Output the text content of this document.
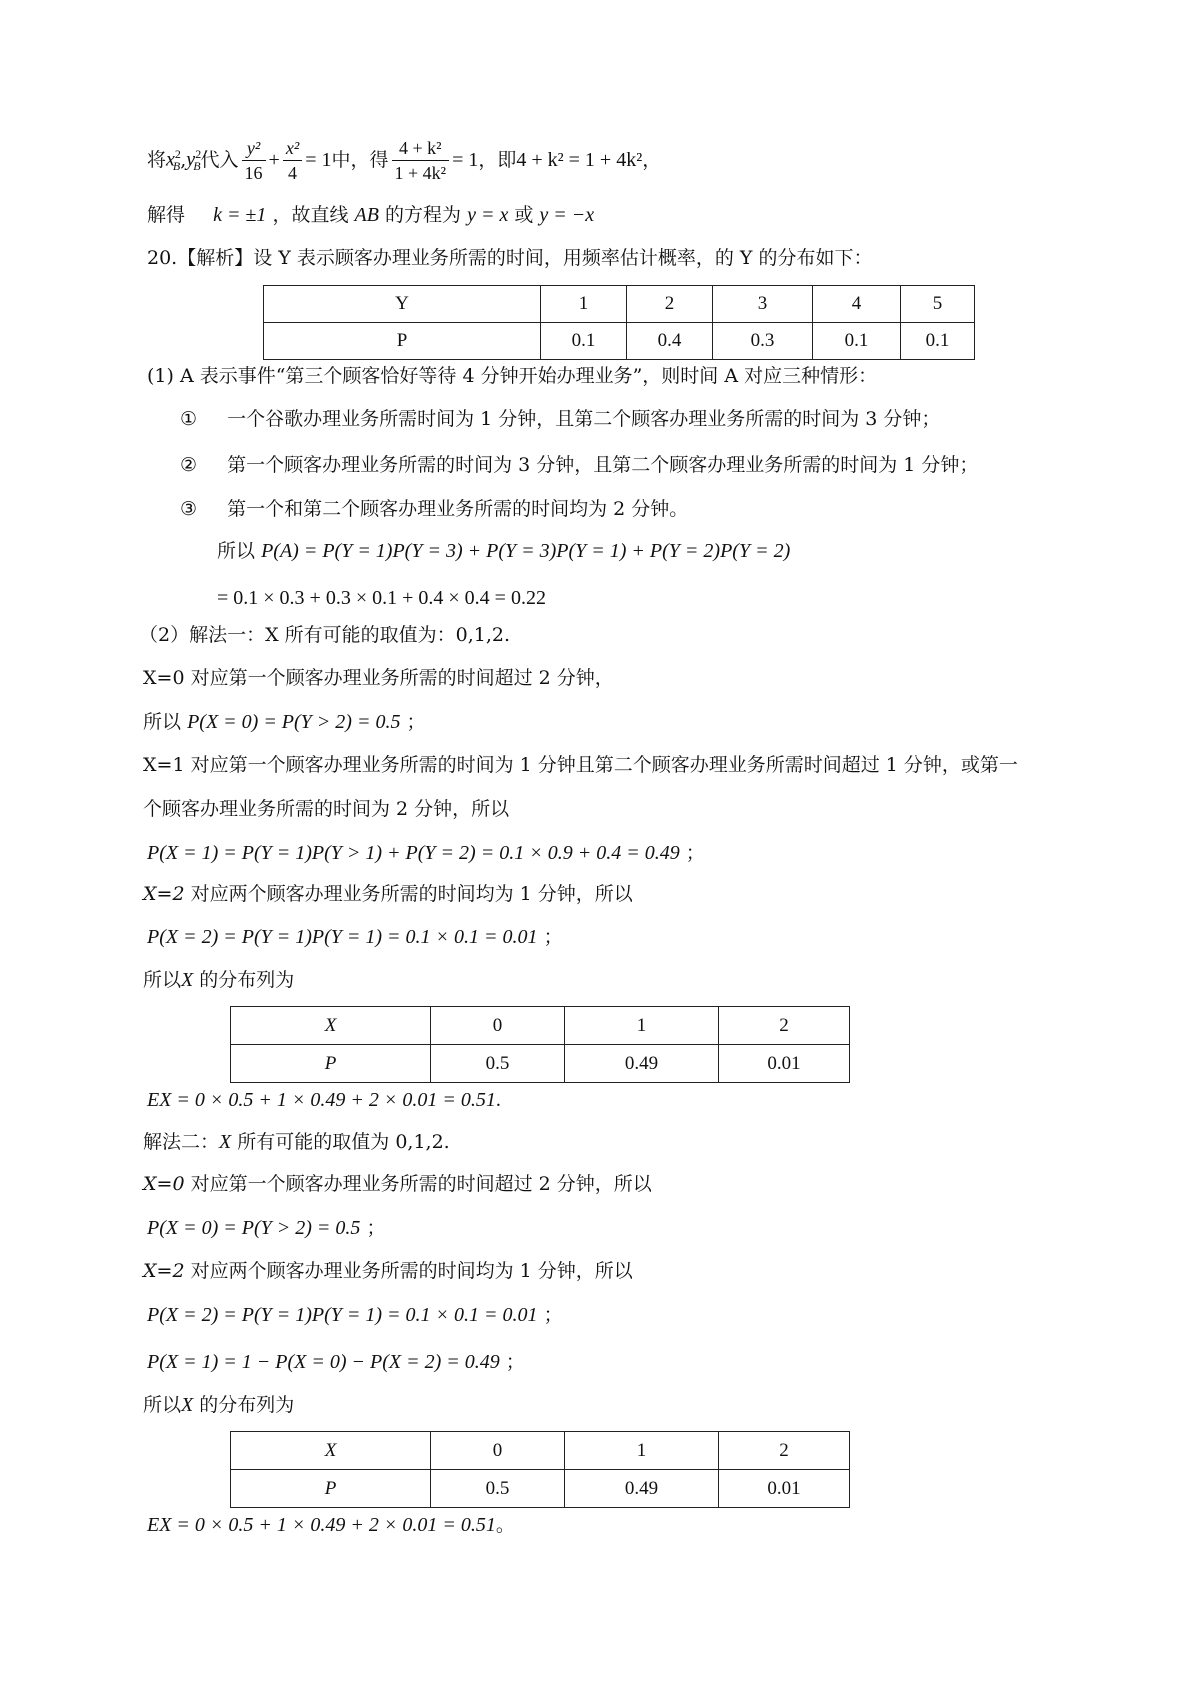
将 $x^2_B$ , $y^2_B$ 代入 $\frac{\text{y²}}{16} + \frac{\text{x²}}{4} = 1$ 中，得 $\frac{\text{4 + k²}}{\text{1 + 4k²}} = 1$ ，即 4 + k² = 1 + 4k² ，
解得 k = ±1 ，故直线 AB 的方程为 y = x 或 y = −x
20.【解析】设 Y 表示顾客办理业务所需的时间，用频率估计概率，的 Y 的分布如下：
Y	1	2	3	4	5
P	0.1	0.4	0.3	0.1	0.1
(1) A 表示事件“第三个顾客恰好等待 4 分钟开始办理业务”，则时间 A 对应三种情形：
① 一个谷歌办理业务所需时间为 1 分钟，且第二个顾客办理业务所需的时间为 3 分钟；
② 第一个顾客办理业务所需的时间为 3 分钟，且第二个顾客办理业务所需的时间为 1 分钟；
③ 第一个和第二个顾客办理业务所需的时间均为 2 分钟。
所以 P(A) = P(Y = 1)P(Y = 3) + P(Y = 3)P(Y = 1) + P(Y = 2)P(Y = 2)
= 0.1 × 0.3 + 0.3 × 0.1 + 0.4 × 0.4 = 0.22
（2）解法一：X 所有可能的取值为：0,1,2.
X=0 对应第一个顾客办理业务所需的时间超过 2 分钟，
所以 P(X = 0) = P(Y > 2) = 0.5 ；
X=1 对应第一个顾客办理业务所需的时间为 1 分钟且第二个顾客办理业务所需时间超过 1 分钟，或第一
个顾客办理业务所需的时间为 2 分钟，所以
P(X = 1) = P(Y = 1)P(Y > 1) + P(Y = 2) = 0.1 × 0.9 + 0.4 = 0.49 ；
X=2 对应两个顾客办理业务所需的时间均为 1 分钟，所以
P(X = 2) = P(Y = 1)P(Y = 1) = 0.1 × 0.1 = 0.01 ；
所以X 的分布列为
X	0	1	2
P	0.5	0.49	0.01
EX = 0 × 0.5 + 1 × 0.49 + 2 × 0.01 = 0.51.
解法二：X 所有可能的取值为 0,1,2.
X=0 对应第一个顾客办理业务所需的时间超过 2 分钟，所以
P(X = 0) = P(Y > 2) = 0.5 ；
X=2 对应两个顾客办理业务所需的时间均为 1 分钟，所以
P(X = 2) = P(Y = 1)P(Y = 1) = 0.1 × 0.1 = 0.01 ；
P(X = 1) = 1 − P(X = 0) − P(X = 2) = 0.49 ；
所以X 的分布列为
X	0	1	2
P	0.5	0.49	0.01
EX = 0 × 0.5 + 1 × 0.49 + 2 × 0.01 = 0.51。
